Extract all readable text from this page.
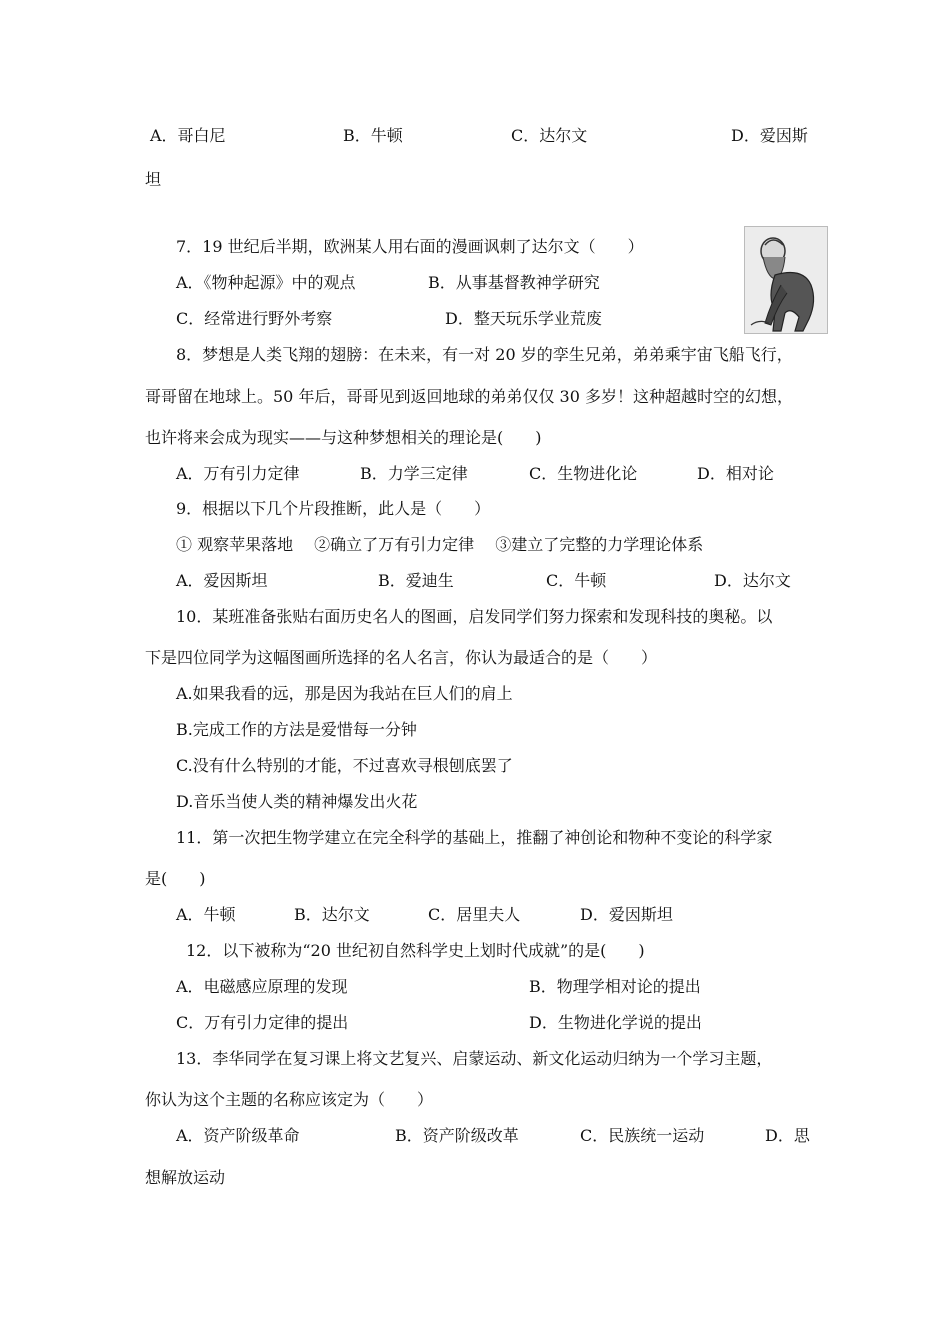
A．哥白尼	B．牛顿	C．达尔文	D．爱因斯
坦
7．19 世纪后半期，欧洲某人用右面的漫画讽刺了达尔文（　　）
A．《物种起源》中的观点	B．从事基督教神学研究
C．经常进行野外考察	D．整天玩乐学业荒废
8．梦想是人类飞翔的翅膀：在未来，有一对 20 岁的孪生兄弟，弟弟乘宇宙飞船飞行，
哥哥留在地球上。50 年后，哥哥见到返回地球的弟弟仅仅 30 多岁！这种超越时空的幻想，
也许将来会成为现实——与这种梦想相关的理论是(　　)
A．万有引力定律	B．力学三定律	C．生物进化论	D．相对论
9．根据以下几个片段推断，此人是（　　）
① 观察苹果落地　 ②确立了万有引力定律　 ③建立了完整的力学理论体系
A．爱因斯坦	B．爱迪生	C．牛顿	D．达尔文
10．某班准备张贴右面历史名人的图画，启发同学们努力探索和发现科技的奥秘。以
下是四位同学为这幅图画所选择的名人名言，你认为最适合的是（　　）
A.如果我看的远，那是因为我站在巨人们的肩上
B.完成工作的方法是爱惜每一分钟
C.没有什么特别的才能，不过喜欢寻根刨底罢了
D.音乐当使人类的精神爆发出火花
11．第一次把生物学建立在完全科学的基础上，推翻了神创论和物种不变论的科学家
是(　　)
A．牛顿	B．达尔文	C．居里夫人	D．爱因斯坦
12．以下被称为“20 世纪初自然科学史上划时代成就”的是(　　)
A．电磁感应原理的发现	B．物理学相对论的提出
C．万有引力定律的提出	D．生物进化学说的提出
13．李华同学在复习课上将文艺复兴、启蒙运动、新文化运动归纳为一个学习主题，
你认为这个主题的名称应该定为（　　）
A．资产阶级革命	B．资产阶级改革	C．民族统一运动	D．思
想解放运动
